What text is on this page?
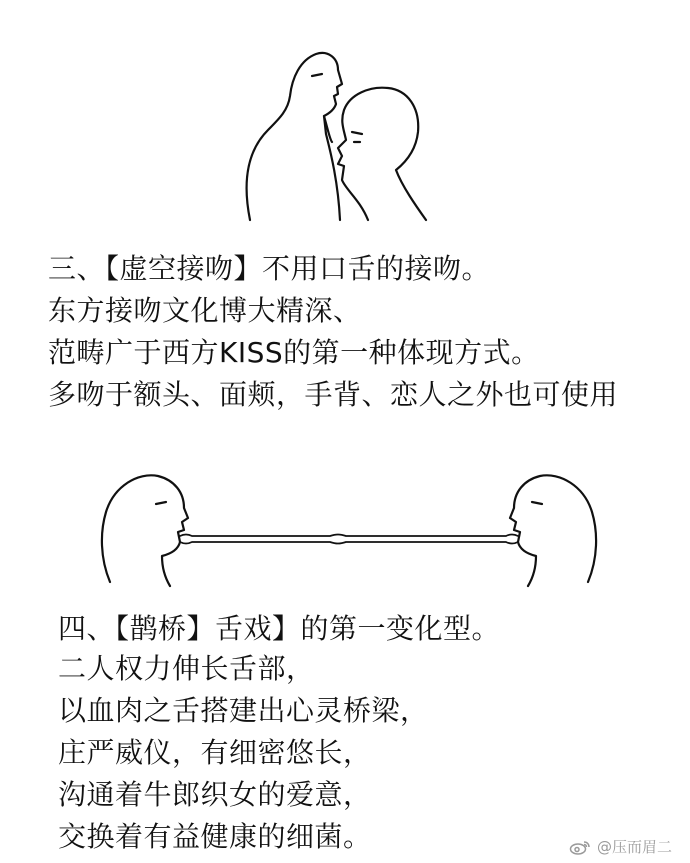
三、【虚空接吻】不用口舌的接吻。
东方接吻文化博大精深、
范畴广于西方KISS的第一种体现方式。
多吻于额头、面颊，手背、恋人之外也可使用
四、【鹊桥】舌戏】的第一变化型。
二人权力伸长舌部，
以血肉之舌搭建出心灵桥梁，
庄严威仪，有细密悠长，
沟通着牛郎织女的爱意，
交换着有益健康的细菌。	@压而眉二
